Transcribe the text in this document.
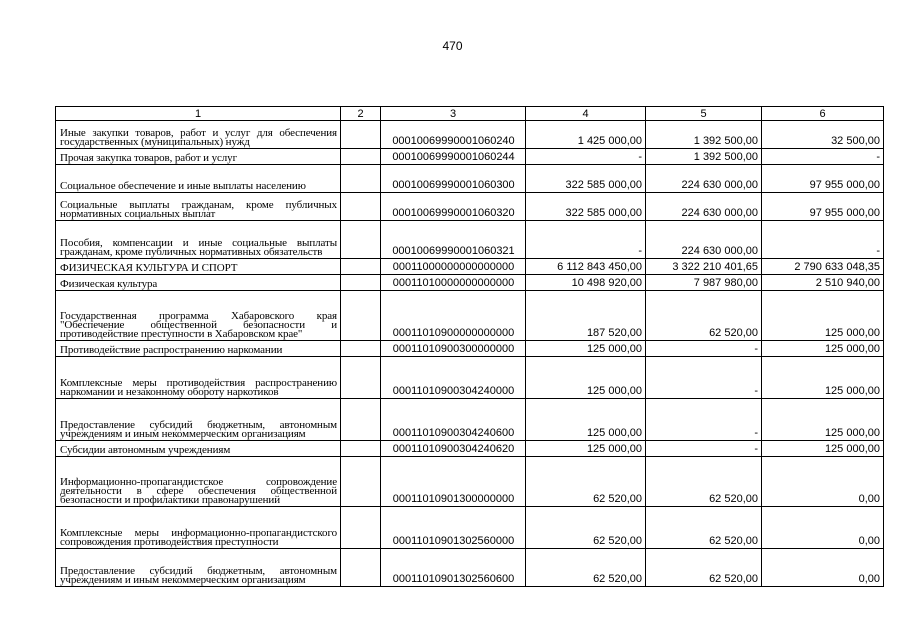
470
1	2	3	4	5	6
Иные закупки товаров, работ и услуг для обеспечения государственных (муниципальных) нужд		00010069990001060240	1 425 000,00	1 392 500,00	32 500,00
Прочая закупка товаров, работ и услуг		00010069990001060244	-	1 392 500,00	-
Социальное обеспечение и иные выплаты населению		00010069990001060300	322 585 000,00	224 630 000,00	97 955 000,00
Социальные выплаты гражданам, кроме публичных нормативных социальных выплат		00010069990001060320	322 585 000,00	224 630 000,00	97 955 000,00
Пособия, компенсации и иные социальные выплаты гражданам, кроме публичных нормативных обязательств		00010069990001060321	-	224 630 000,00	-
ФИЗИЧЕСКАЯ КУЛЬТУРА И СПОРТ		00011000000000000000	6 112 843 450,00	3 322 210 401,65	2 790 633 048,35
Физическая культура		00011010000000000000	10 498 920,00	7 987 980,00	2 510 940,00
Государственная программа Хабаровского края "Обеспечение общественной безопасности и противодействие преступности в Хабаровском крае"		00011010900000000000	187 520,00	62 520,00	125 000,00
Противодействие распространению наркомании		00011010900300000000	125 000,00	-	125 000,00
Комплексные меры противодействия распространению наркомании и незаконному обороту наркотиков		00011010900304240000	125 000,00	-	125 000,00
Предоставление субсидий бюджетным, автономным учреждениям и иным некоммерческим организациям		00011010900304240600	125 000,00	-	125 000,00
Субсидии автономным учреждениям		00011010900304240620	125 000,00	-	125 000,00
Информационно-пропагандистское сопровождение деятельности в сфере обеспечения общественной безопасности и профилактики правонарушений		00011010901300000000	62 520,00	62 520,00	0,00
Комплексные меры информационно-пропагандистского сопровождения противодействия преступности		00011010901302560000	62 520,00	62 520,00	0,00
Предоставление субсидий бюджетным, автономным учреждениям и иным некоммерческим организациям		00011010901302560600	62 520,00	62 520,00	0,00
